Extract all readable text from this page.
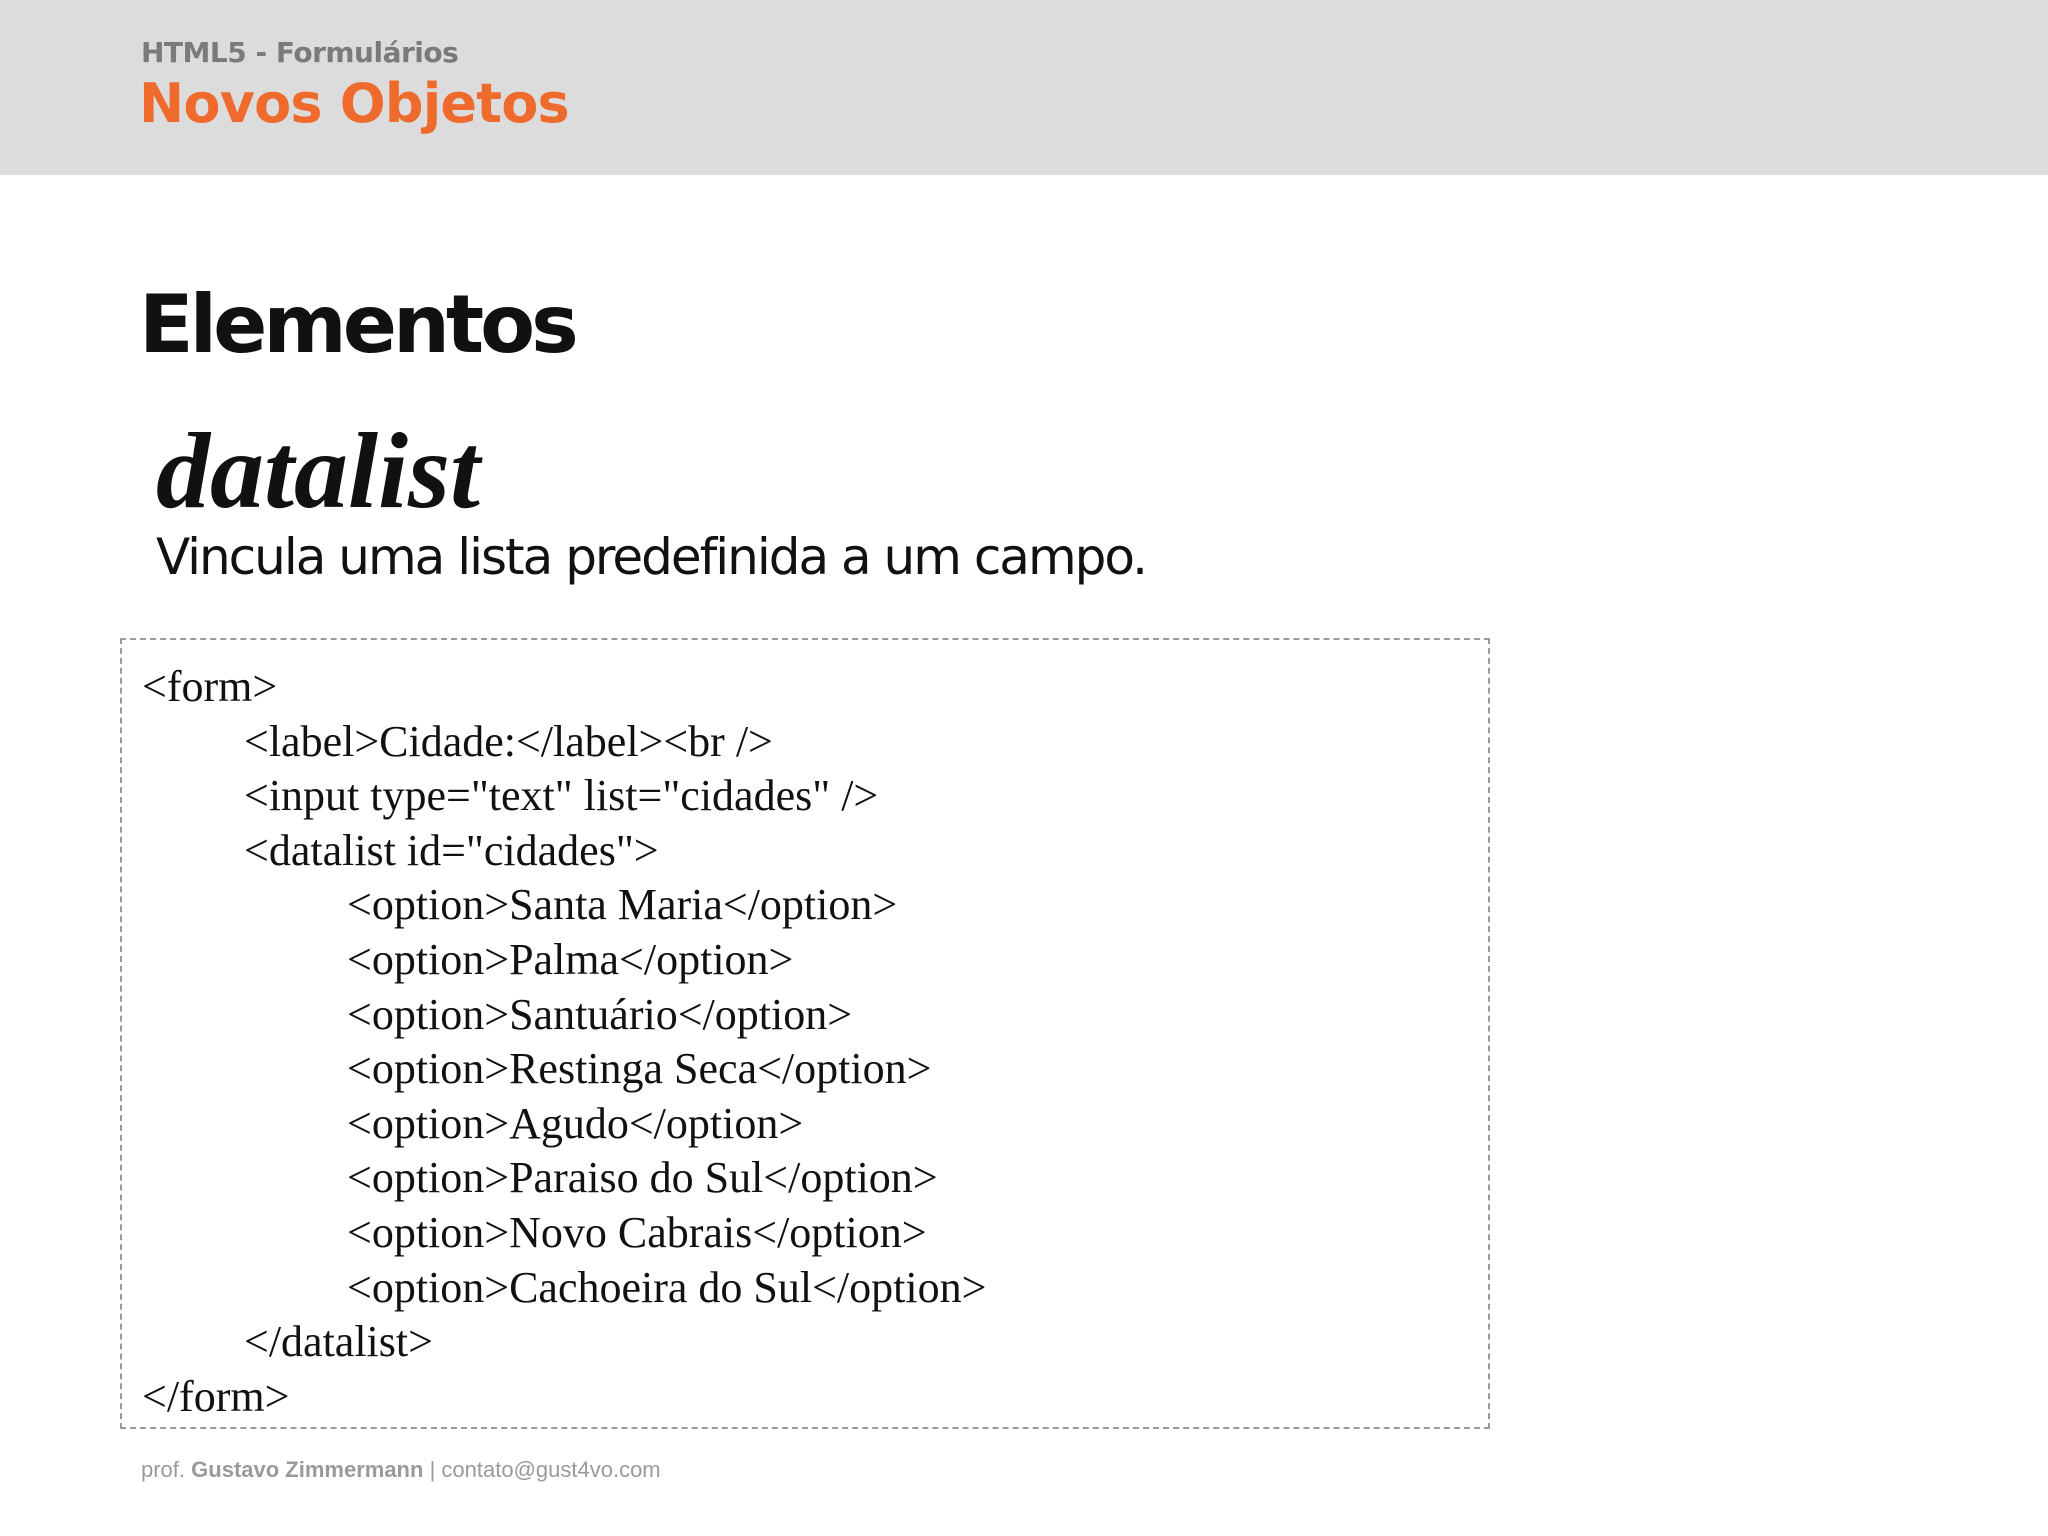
HTML5 - Formulários
Novos Objetos
Elementos
datalist
Vincula uma lista predefinida a um campo.
<form>
<label>Cidade:</label><br />
<input type="text" list="cidades" />
<datalist id="cidades">
<option>Santa Maria</option>
<option>Palma</option>
<option>Santuário</option>
<option>Restinga Seca</option>
<option>Agudo</option>
<option>Paraiso do Sul</option>
<option>Novo Cabrais</option>
<option>Cachoeira do Sul</option>
</datalist>
</form>
prof. Gustavo Zimmermann | contato@gust4vo.com
